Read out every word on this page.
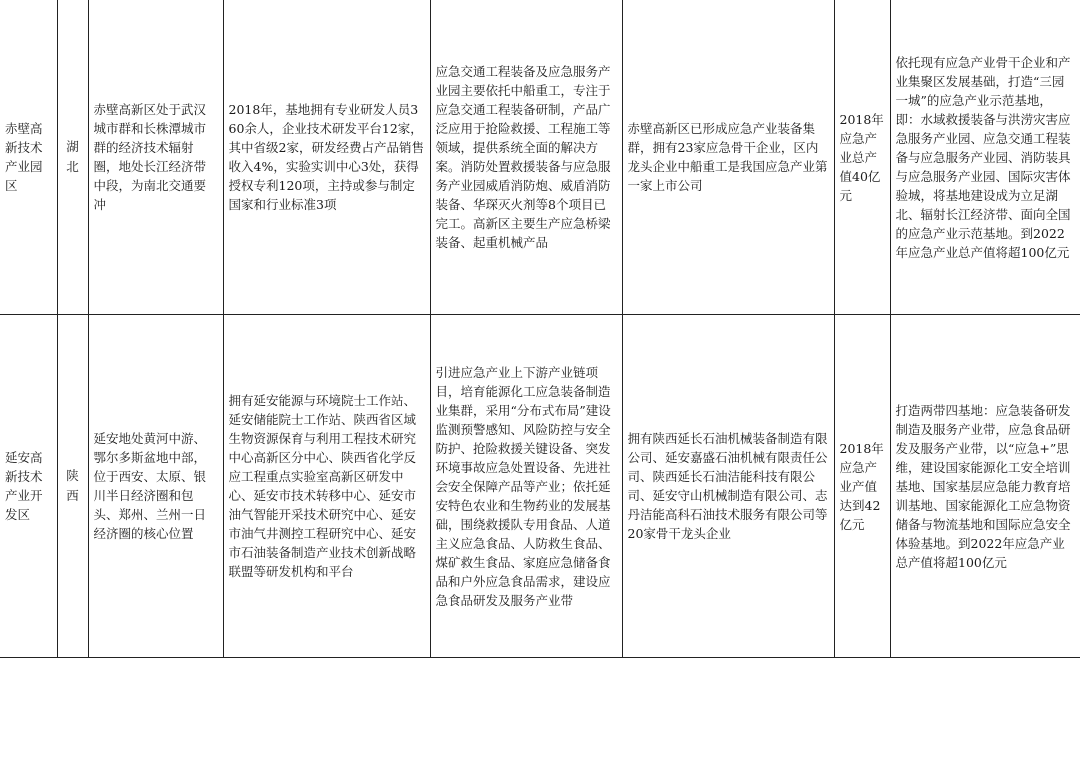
赤壁高新技术产业园区	湖北	赤壁高新区处于武汉城市群和长株潭城市群的经济技术辐射圈，地处长江经济带中段，为南北交通要冲	2018年，基地拥有专业研发人员360余人，企业技术研发平台12家，其中省级2家，研发经费占产品销售收入4%，实验实训中心3处，获得授权专利120项，主持或参与制定国家和行业标准3项	应急交通工程装备及应急服务产业园主要依托中船重工，专注于应急交通工程装备研制，产品广泛应用于抢险救援、工程施工等领域，提供系统全面的解决方案。消防处置救援装备与应急服务产业园威盾消防炮、威盾消防装备、华琛灭火剂等8个项目已完工。高新区主要生产应急桥梁装备、起重机械产品	赤壁高新区已形成应急产业装备集群，拥有23家应急骨干企业，区内龙头企业中船重工是我国应急产业第一家上市公司	2018年应急产业总产值40亿元	依托现有应急产业骨干企业和产业集聚区发展基础，打造“三园一城”的应急产业示范基地，即：水域救援装备与洪涝灾害应急服务产业园、应急交通工程装备与应急服务产业园、消防装具与应急服务产业园、国际灾害体验城，将基地建设成为立足湖北、辐射长江经济带、面向全国的应急产业示范基地。到2022年应急产业总产值将超100亿元
延安高新技术产业开发区	陕西	延安地处黄河中游、鄂尔多斯盆地中部，位于西安、太原、银川半日经济圈和包头、郑州、兰州一日经济圈的核心位置	拥有延安能源与环境院士工作站、延安储能院士工作站、陕西省区域生物资源保育与利用工程技术研究中心高新区分中心、陕西省化学反应工程重点实验室高新区研发中心、延安市技术转移中心、延安市油气智能开采技术研究中心、延安市油气井测控工程研究中心、延安市石油装备制造产业技术创新战略联盟等研发机构和平台	引进应急产业上下游产业链项目，培育能源化工应急装备制造业集群，采用“分布式布局”建设监测预警感知、风险防控与安全防护、抢险救援关键设备、突发环境事故应急处置设备、先进社会安全保障产品等产业；依托延安特色农业和生物药业的发展基础，围绕救援队专用食品、人道主义应急食品、人防救生食品、煤矿救生食品、家庭应急储备食品和户外应急食品需求，建设应急食品研发及服务产业带	拥有陕西延长石油机械装备制造有限公司、延安嘉盛石油机械有限责任公司、陕西延长石油洁能科技有限公司、延安守山机械制造有限公司、志丹洁能高科石油技术服务有限公司等20家骨干龙头企业	2018年应急产业产值达到42亿元	打造两带四基地：应急装备研发制造及服务产业带，应急食品研发及服务产业带，以“应急+”思维，建设国家能源化工安全培训基地、国家基层应急能力教育培训基地、国家能源化工应急物资储备与物流基地和国际应急安全体验基地。到2022年应急产业总产值将超100亿元
